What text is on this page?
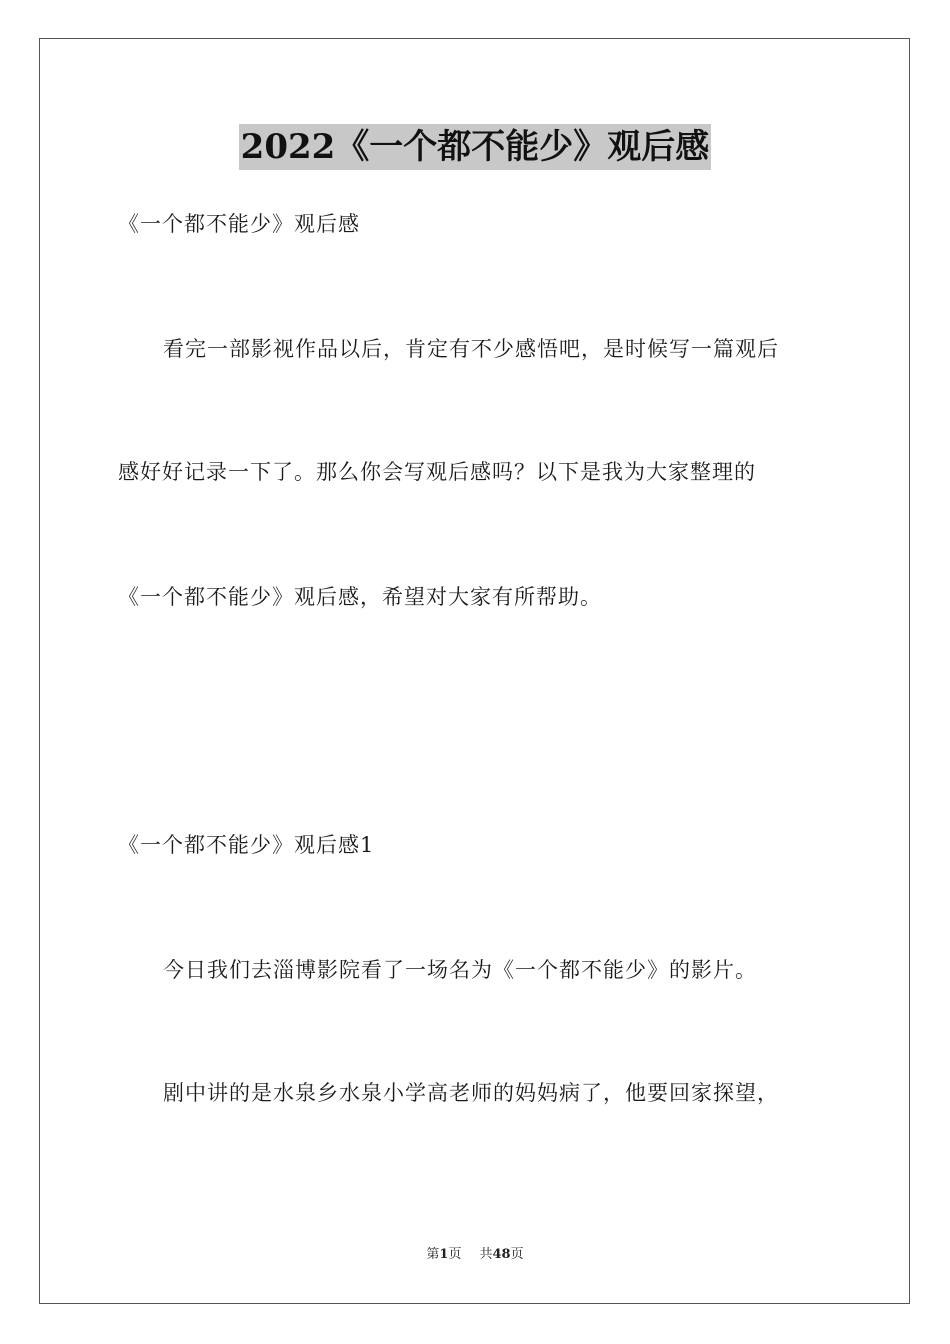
2022《一个都不能少》观后感
《一个都不能少》观后感
看完一部影视作品以后，肯定有不少感悟吧，是时候写一篇观后
感好好记录一下了。那么你会写观后感吗？以下是我为大家整理的
《一个都不能少》观后感，希望对大家有所帮助。
《一个都不能少》观后感1
今日我们去淄博影院看了一场名为《一个都不能少》的影片。
剧中讲的是水泉乡水泉小学高老师的妈妈病了，他要回家探望，
第1页 共48页
